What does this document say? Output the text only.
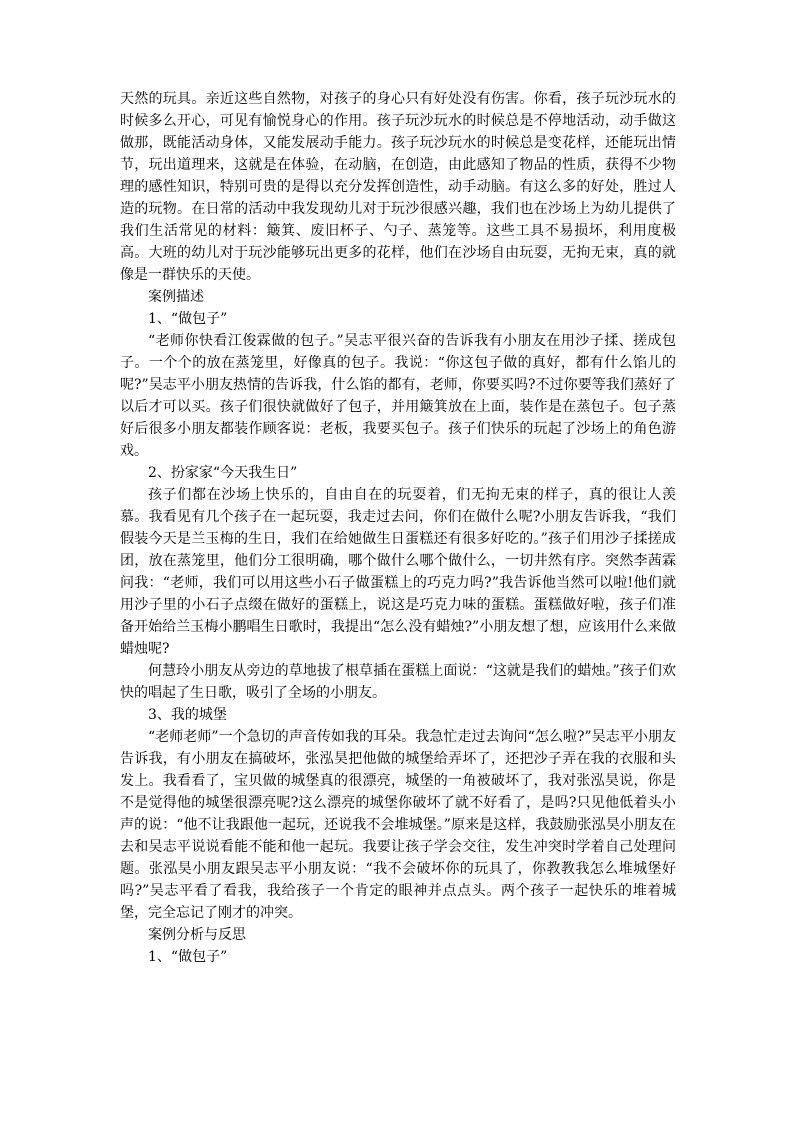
天然的玩具。亲近这些自然物，对孩子的身心只有好处没有伤害。你看，孩子玩沙玩水的时候多么开心，可见有愉悦身心的作用。孩子玩沙玩水的时候总是不停地活动，动手做这做那，既能活动身体，又能发展动手能力。孩子玩沙玩水的时候总是变花样，还能玩出情节，玩出道理来，这就是在体验，在动脑，在创造，由此感知了物品的性质，获得不少物理的感性知识，特别可贵的是得以充分发挥创造性，动手动脑。有这么多的好处，胜过人造的玩物。在日常的活动中我发现幼儿对于玩沙很感兴趣，我们也在沙场上为幼儿提供了我们生活常见的材料：簸箕、废旧杯子、勺子、蒸笼等。这些工具不易损坏，利用度极高。大班的幼儿对于玩沙能够玩出更多的花样，他们在沙场自由玩耍，无拘无束，真的就像是一群快乐的天使。

案例描述

1、“做包子”

“老师你快看江俊霖做的包子。”吴志平很兴奋的告诉我有小朋友在用沙子揉、搓成包子。一个个的放在蒸笼里，好像真的包子。我说：“你这包子做的真好，都有什么馅儿的呢?”吴志平小朋友热情的告诉我，什么馅的都有，老师，你要买吗?不过你要等我们蒸好了以后才可以买。孩子们很快就做好了包子，并用簸箕放在上面，装作是在蒸包子。包子蒸好后很多小朋友都装作顾客说：老板，我要买包子。孩子们快乐的玩起了沙场上的角色游戏。

2、扮家家“今天我生日”

孩子们都在沙场上快乐的，自由自在的玩耍着，们无拘无束的样子，真的很让人羡慕。我看见有几个孩子在一起玩耍，我走过去问，你们在做什么呢?小朋友告诉我，“我们假装今天是兰玉梅的生日，我们在给她做生日蛋糕还有很多好吃的。”孩子们用沙子揉搓成团，放在蒸笼里，他们分工很明确，哪个做什么哪个做什么，一切井然有序。突然李茜霖问我：“老师，我们可以用这些小石子做蛋糕上的巧克力吗?”我告诉他当然可以啦!他们就用沙子里的小石子点缀在做好的蛋糕上，说这是巧克力味的蛋糕。蛋糕做好啦，孩子们准备开始给兰玉梅小鹏唱生日歌时，我提出“怎么没有蜡烛?”小朋友想了想，应该用什么来做蜡烛呢?

何慧玲小朋友从旁边的草地拔了根草插在蛋糕上面说：“这就是我们的蜡烛。”孩子们欢快的唱起了生日歌，吸引了全场的小朋友。

3、我的城堡

“老师老师”一个急切的声音传如我的耳朵。我急忙走过去询问“怎么啦?”吴志平小朋友告诉我，有小朋友在搞破坏，张泓昊把他做的城堡给弄坏了，还把沙子弄在我的衣服和头发上。我看看了，宝贝做的城堡真的很漂亮，城堡的一角被破坏了，我对张泓昊说，你是不是觉得他的城堡很漂亮呢?这么漂亮的城堡你破坏了就不好看了，是吗?只见他低着头小声的说：“他不让我跟他一起玩，还说我不会堆城堡。”原来是这样，我鼓励张泓昊小朋友在去和吴志平说说看能不能和他一起玩。我要让孩子学会交往，发生冲突时学着自己处理问题。张泓昊小朋友跟吴志平小朋友说：“我不会破坏你的玩具了，你教教我怎么堆城堡好吗?”吴志平看了看我，我给孩子一个肯定的眼神并点点头。两个孩子一起快乐的堆着城堡，完全忘记了刚才的冲突。

案例分析与反思

1、“做包子”
